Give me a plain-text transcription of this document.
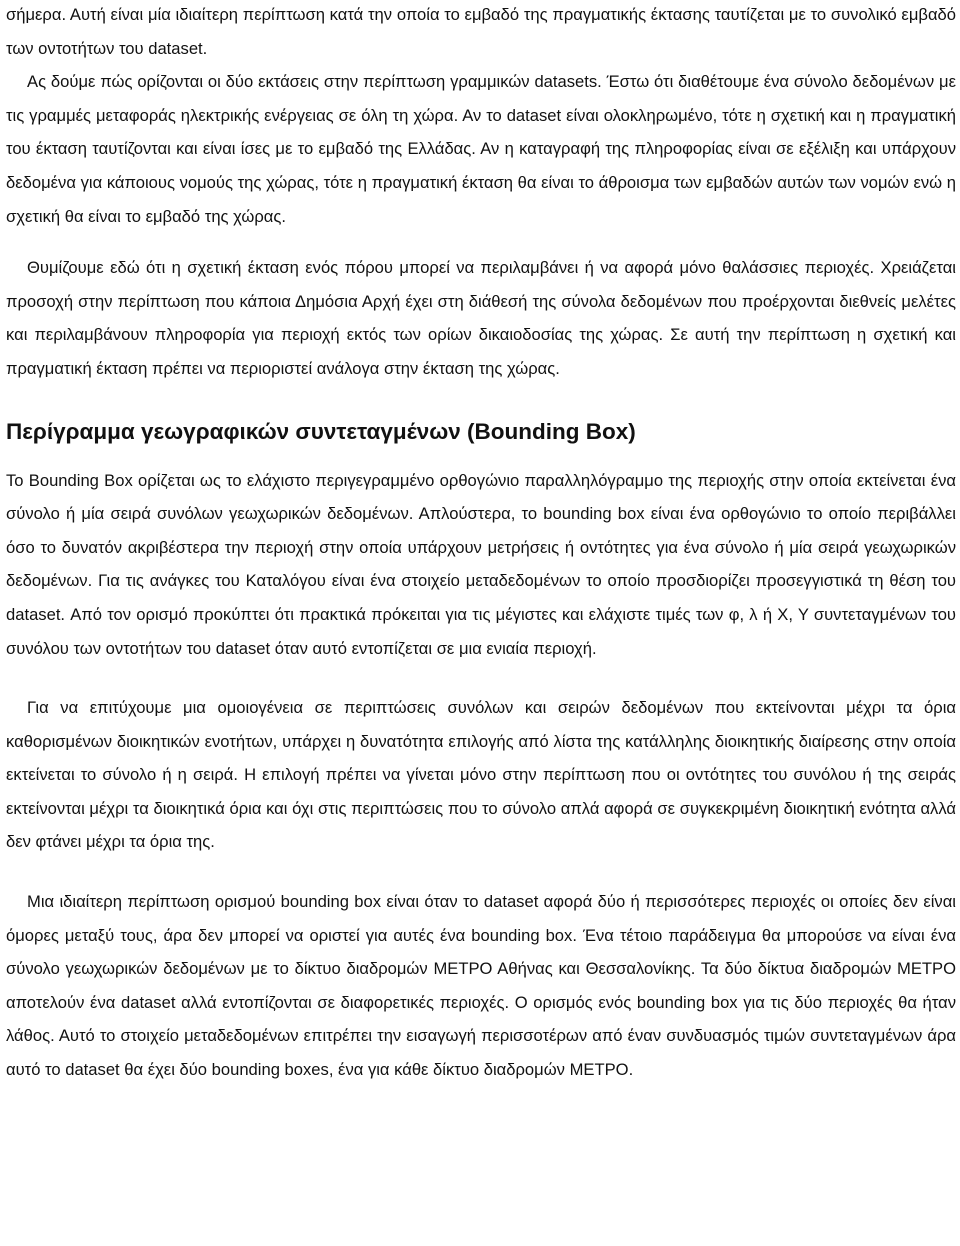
σήμερα. Αυτή είναι μία ιδιαίτερη περίπτωση κατά την οποία το εμβαδό της πραγματικής έκτασης ταυτίζεται με το συνολικό εμβαδό των οντοτήτων του dataset.

Ας δούμε πώς ορίζονται οι δύο εκτάσεις στην περίπτωση γραμμικών datasets. Έστω ότι διαθέτουμε ένα σύνολο δεδομένων με τις γραμμές μεταφοράς ηλεκτρικής ενέργειας σε όλη τη χώρα. Αν το dataset είναι ολοκληρωμένο, τότε η σχετική και η πραγματική του έκταση ταυτίζονται και είναι ίσες με το εμβαδό της Ελλάδας. Αν η καταγραφή της πληροφορίας είναι σε εξέλιξη και υπάρχουν δεδομένα για κάποιους νομούς της χώρας, τότε η πραγματική έκταση θα είναι το άθροισμα των εμβαδών αυτών των νομών ενώ η σχετική θα είναι το εμβαδό της χώρας.

Θυμίζουμε εδώ ότι η σχετική έκταση ενός πόρου μπορεί να περιλαμβάνει ή να αφορά μόνο θαλάσσιες περιοχές. Χρειάζεται προσοχή στην περίπτωση που κάποια Δημόσια Αρχή έχει στη διάθεσή της σύνολα δεδομένων που προέρχονται διεθνείς μελέτες και περιλαμβάνουν πληροφορία για περιοχή εκτός των ορίων δικαιοδοσίας της χώρας. Σε αυτή την περίπτωση η σχετική και πραγματική έκταση πρέπει να περιοριστεί ανάλογα στην έκταση της χώρας.

Περίγραμμα γεωγραφικών συντεταγμένων (Bounding Box)

Το Bounding Box ορίζεται ως το ελάχιστο περιγεγραμμένο ορθογώνιο παραλληλόγραμμο της περιοχής στην οποία εκτείνεται ένα σύνολο ή μία σειρά συνόλων γεωχωρικών δεδομένων. Απλούστερα, το bounding box είναι ένα ορθογώνιο το οποίο περιβάλλει όσο το δυνατόν ακριβέστερα την περιοχή στην οποία υπάρχουν μετρήσεις ή οντότητες για ένα σύνολο ή μία σειρά γεωχωρικών δεδομένων. Για τις ανάγκες του Καταλόγου είναι ένα στοιχείο μεταδεδομένων το οποίο προσδιορίζει προσεγγιστικά τη θέση του dataset. Από τον ορισμό προκύπτει ότι πρακτικά πρόκειται για τις μέγιστες και ελάχιστε τιμές των φ, λ ή X, Y συντεταγμένων του συνόλου των οντοτήτων του dataset όταν αυτό εντοπίζεται σε μια ενιαία περιοχή.

Για να επιτύχουμε μια ομοιογένεια σε περιπτώσεις συνόλων και σειρών δεδομένων που εκτείνονται μέχρι τα όρια καθορισμένων διοικητικών ενοτήτων, υπάρχει η δυνατότητα επιλογής από λίστα της κατάλληλης διοικητικής διαίρεσης στην οποία εκτείνεται το σύνολο ή η σειρά. Η επιλογή πρέπει να γίνεται μόνο στην περίπτωση που οι οντότητες του συνόλου ή της σειράς εκτείνονται μέχρι τα διοικητικά όρια και όχι στις περιπτώσεις που το σύνολο απλά αφορά σε συγκεκριμένη διοικητική ενότητα αλλά δεν φτάνει μέχρι τα όρια της.

Μια ιδιαίτερη περίπτωση ορισμού bounding box είναι όταν το dataset αφορά δύο ή περισσότερες περιοχές οι οποίες δεν είναι όμορες μεταξύ τους, άρα δεν μπορεί να οριστεί για αυτές ένα bounding box. Ένα τέτοιο παράδειγμα θα μπορούσε να είναι ένα σύνολο γεωχωρικών δεδομένων με το δίκτυο διαδρομών ΜΕΤΡΟ Αθήνας και Θεσσαλονίκης. Τα δύο δίκτυα διαδρομών ΜΕΤΡΟ αποτελούν ένα dataset αλλά εντοπίζονται σε διαφορετικές περιοχές. Ο ορισμός ενός bounding box για τις δύο περιοχές θα ήταν λάθος. Αυτό το στοιχείο μεταδεδομένων επιτρέπει την εισαγωγή περισσοτέρων από έναν συνδυασμός τιμών συντεταγμένων άρα αυτό το dataset θα έχει δύο bounding boxes, ένα για κάθε δίκτυο διαδρομών ΜΕΤΡΟ.
